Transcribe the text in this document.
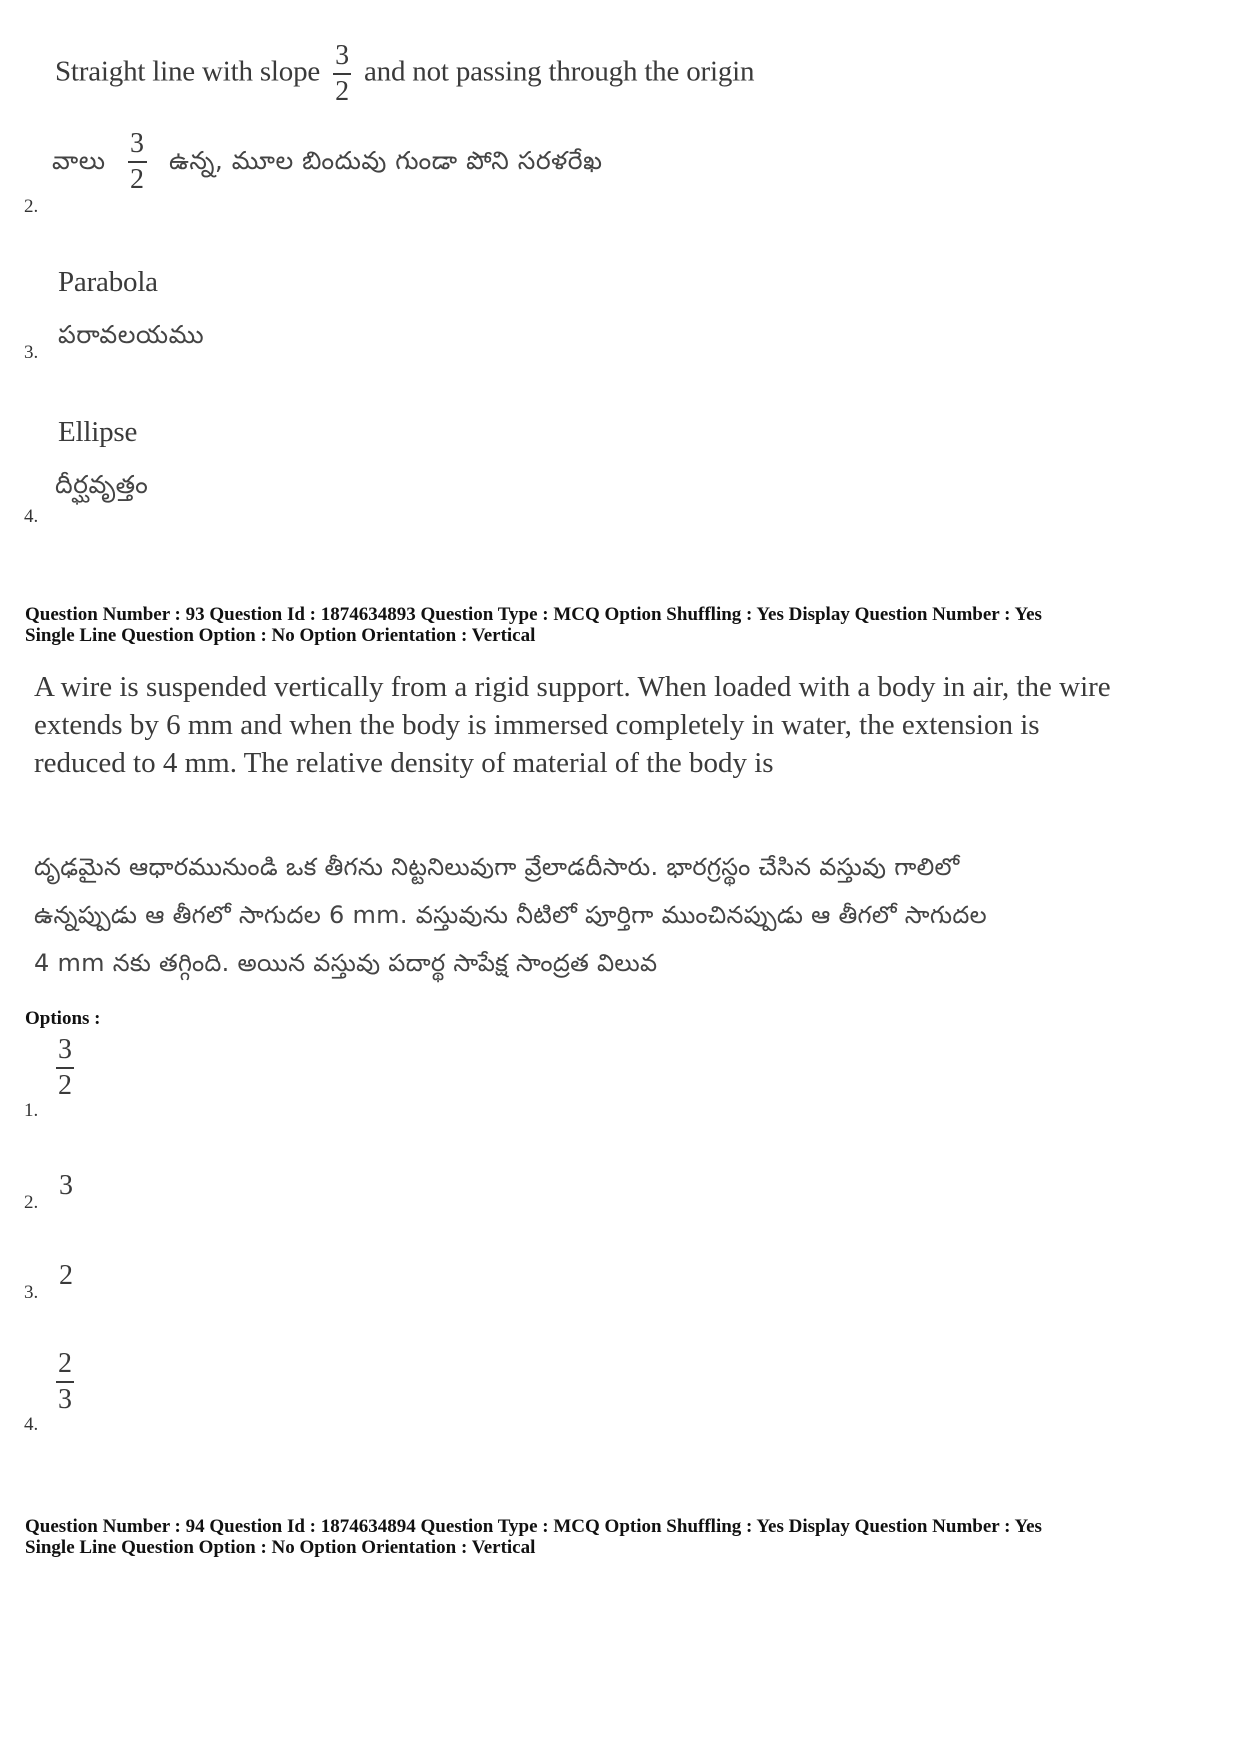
Straight line with slope $\frac{3}{2}$ and not passing through the origin
వాలు $\frac{3}{2}$ ఉన్న, మూల బిందువు గుండా పోని సరళరేఖ
2.
Parabola
పరావలయము
3.
Ellipse
దీర్ఘవృత్తం
4.
Question Number : 93 Question Id : 1874634893 Question Type : MCQ Option Shuffling : Yes Display Question Number : Yes
Single Line Question Option : No Option Orientation : Vertical
A wire is suspended vertically from a rigid support. When loaded with a body in air, the wire
extends by 6 mm and when the body is immersed completely in water, the extension is
reduced to 4 mm. The relative density of material of the body is
దృఢమైన ఆధారమునుండి ఒక తీగను నిట్టనిలువుగా వ్రేలాడదీసారు. భారగ్రస్థం చేసిన వస్తువు గాలిలో
ఉన్నప్పుడు ఆ తీగలో సాగుదల 6 mm. వస్తువును నీటిలో పూర్తిగా ముంచినప్పుడు ఆ తీగలో సాగుదల
4 mm నకు తగ్గింది. అయిన వస్తువు పదార్థ సాపేక్ష సాంద్రత విలువ
Options :
$\frac{3}{2}$
1.
3
2.
2
3.
$\frac{2}{3}$
4.
Question Number : 94 Question Id : 1874634894 Question Type : MCQ Option Shuffling : Yes Display Question Number : Yes
Single Line Question Option : No Option Orientation : Vertical
